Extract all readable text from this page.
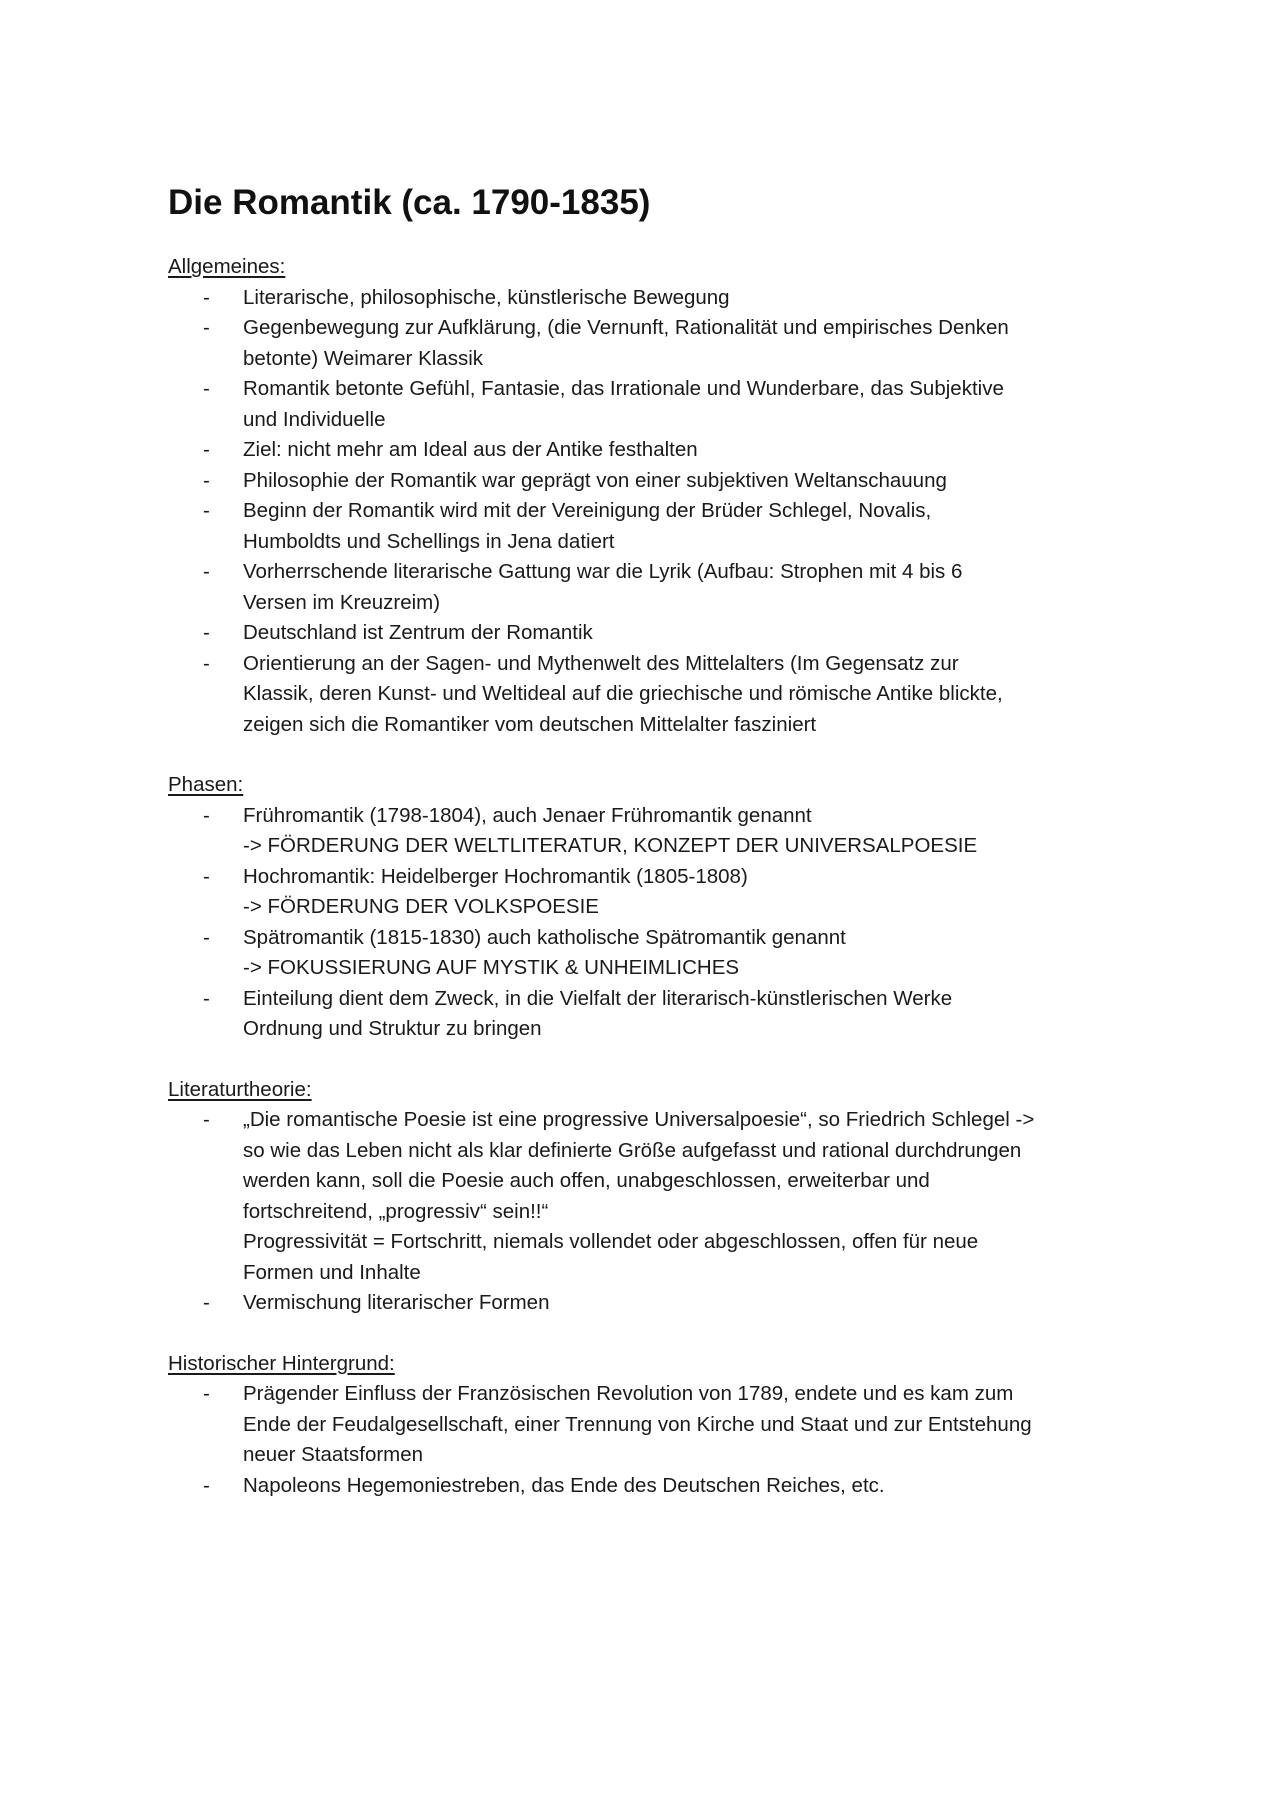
Die Romantik (ca. 1790-1835)
Allgemeines:
- Literarische, philosophische, künstlerische Bewegung
- Gegenbewegung zur Aufklärung, (die Vernunft, Rationalität und empirisches Denken
betonte) Weimarer Klassik
- Romantik betonte Gefühl, Fantasie, das Irrationale und Wunderbare, das Subjektive
und Individuelle
- Ziel: nicht mehr am Ideal aus der Antike festhalten
- Philosophie der Romantik war geprägt von einer subjektiven Weltanschauung
- Beginn der Romantik wird mit der Vereinigung der Brüder Schlegel, Novalis,
Humboldts und Schellings in Jena datiert
- Vorherrschende literarische Gattung war die Lyrik (Aufbau: Strophen mit 4 bis 6
Versen im Kreuzreim)
- Deutschland ist Zentrum der Romantik
- Orientierung an der Sagen- und Mythenwelt des Mittelalters (Im Gegensatz zur
Klassik, deren Kunst- und Weltideal auf die griechische und römische Antike blickte,
zeigen sich die Romantiker vom deutschen Mittelalter fasziniert
Phasen:
- Frühromantik (1798-1804), auch Jenaer Frühromantik genannt
-> FÖRDERUNG DER WELTLITERATUR, KONZEPT DER UNIVERSALPOESIE
- Hochromantik: Heidelberger Hochromantik (1805-1808)
-> FÖRDERUNG DER VOLKSPOESIE
- Spätromantik (1815-1830) auch katholische Spätromantik genannt
-> FOKUSSIERUNG AUF MYSTIK & UNHEIMLICHES
- Einteilung dient dem Zweck, in die Vielfalt der literarisch-künstlerischen Werke
Ordnung und Struktur zu bringen
Literaturtheorie:
- „Die romantische Poesie ist eine progressive Universalpoesie“, so Friedrich Schlegel ->
so wie das Leben nicht als klar definierte Größe aufgefasst und rational durchdrungen
werden kann, soll die Poesie auch offen, unabgeschlossen, erweiterbar und
fortschreitend, „progressiv“ sein!!“
Progressivität = Fortschritt, niemals vollendet oder abgeschlossen, offen für neue
Formen und Inhalte
- Vermischung literarischer Formen
Historischer Hintergrund:
- Prägender Einfluss der Französischen Revolution von 1789, endete und es kam zum
Ende der Feudalgesellschaft, einer Trennung von Kirche und Staat und zur Entstehung
neuer Staatsformen
- Napoleons Hegemoniestreben, das Ende des Deutschen Reiches, etc.
